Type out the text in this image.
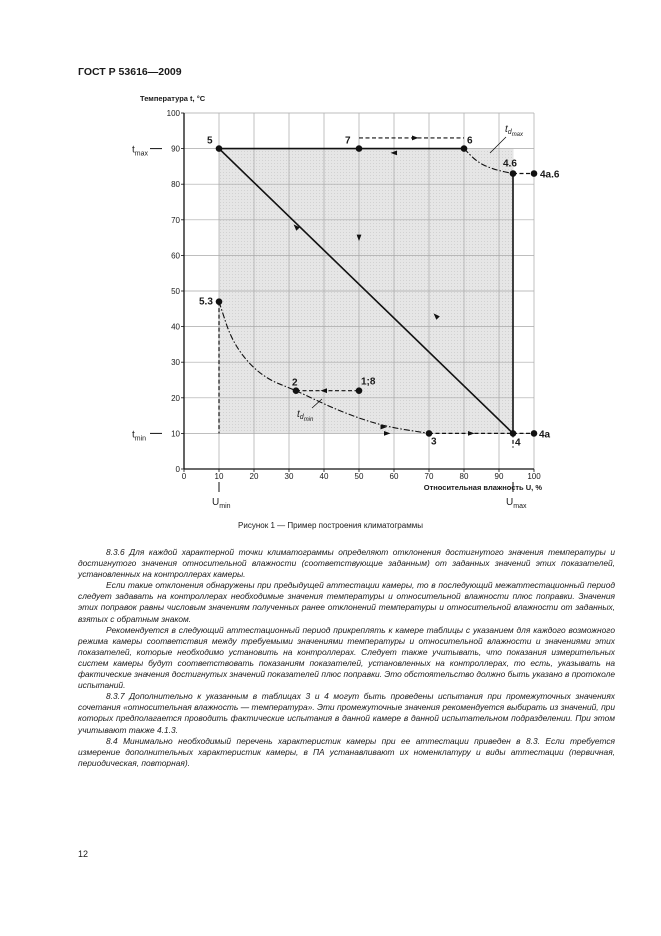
ГОСТ Р 53616—2009
0
10
20
30
40
50
60
70
80
90
100
0	10	20	30	40	50	60	70	80	90	100
Температура t, °C
Относительная влажность U, %
$t_{max}$
$t_{min}$
$U_{min}$	$U_{max}$
5	7	6
4.6
4a.6
5.3
2	1;8
3	4
4a
$t_{dmax}$
$t_{dmin}$
Рисунок 1 — Пример построения климатограммы

8.3.6 Для каждой характерной точки климатограммы определяют отклонения достигнутого значения температуры и достигнутого значения относительной влажности (соответствующие заданным) от заданных значений этих показателей, установленных на контроллерах камеры.

Если такие отклонения обнаружены при предыдущей аттестации камеры, то в последующий межаттестационный период следует задавать на контроллерах необходимые значения температуры и относительной влажности плюс поправки. Значения этих поправок равны числовым значениям полученных ранее отклонений температуры и относительной влажности от заданных, взятых с обратным знаком.

Рекомендуется в следующий аттестационный период прикреплять к камере таблицы с указанием для каждого возможного режима камеры соответствия между требуемыми значениями температуры и относительной влажности и значениями этих показателей, которые необходимо установить на контроллерах. Следует также учитывать, что показания измерительных систем камеры будут соответствовать показаниям показателей, установленных на контроллерах, то есть, указывать на фактические значения достигнутых значений показателей плюс поправки. Это обстоятельство должно быть указано в протоколе испытаний.

8.3.7 Дополнительно к указанным в таблицах 3 и 4 могут быть проведены испытания при промежуточных значениях сочетания «относительная влажность — температура». Эти промежуточные значения рекомендуется выбирать из значений, при которых предполагается проводить фактические испытания в данной камере в данной испытательном подразделении. При этом учитывают также 4.1.3.

8.4 Минимально необходимый перечень характеристик камеры при ее аттестации приведен в 8.3. Если требуется измерение дополнительных характеристик камеры, в ПА устанавливают их номенклатуру и виды аттестации (первичная, периодическая, повторная).

12
